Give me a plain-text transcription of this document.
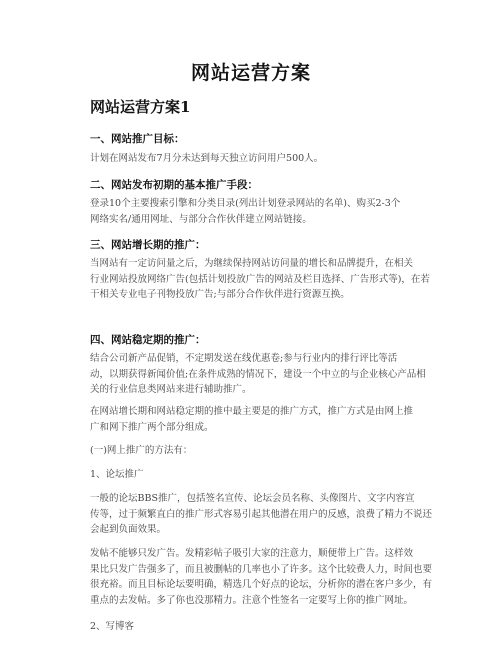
网站运营方案
网站运营方案1
一、网站推广目标：
计划在网站发布7月分未达到每天独立访问用户500人。
二、网站发布初期的基本推广手段：
登录10个主要搜索引擎和分类目录(列出计划登录网站的名单)、购买2-3个
网络实名/通用网址、与部分合作伙伴建立网站链接。
三、网站增长期的推广：
当网站有一定访问量之后，为继续保持网站访问量的增长和品牌提升，在相关
行业网站投放网络广告(包括计划投放广告的网站及栏目选择、广告形式等)，在若
干相关专业电子刊物投放广告;与部分合作伙伴进行资源互换。
四、网站稳定期的推广：
结合公司新产品促销，不定期发送在线优惠卷;参与行业内的排行评比等活
动，以期获得新闻价值;在条件成熟的情况下，建设一个中立的与企业核心产品相
关的行业信息类网站来进行辅助推广。
在网站增长期和网站稳定期的推中最主要是的推广方式，推广方式是由网上推
广和网下推广两个部分组成。
(一)网上推广的方法有：
1、论坛推广
一般的论坛BBS推广，包括签名宣传、论坛会员名称、头像图片、文字内容宣
传等，过于频繁直白的推广形式容易引起其他潜在用户的反感，浪费了精力不说还
会起到负面效果。
发帖不能够只发广告。发精彩帖子吸引大家的注意力，顺便带上广告。这样效
果比只发广告强多了，而且被删帖的几率也小了许多。这个比较费人力，时间也要
很充裕。而且目标论坛要明确，精选几个好点的论坛，分析你的潜在客户多少，有
重点的去发帖。多了你也没那精力。注意个性签名一定要写上你的推广网址。
2、写博客
